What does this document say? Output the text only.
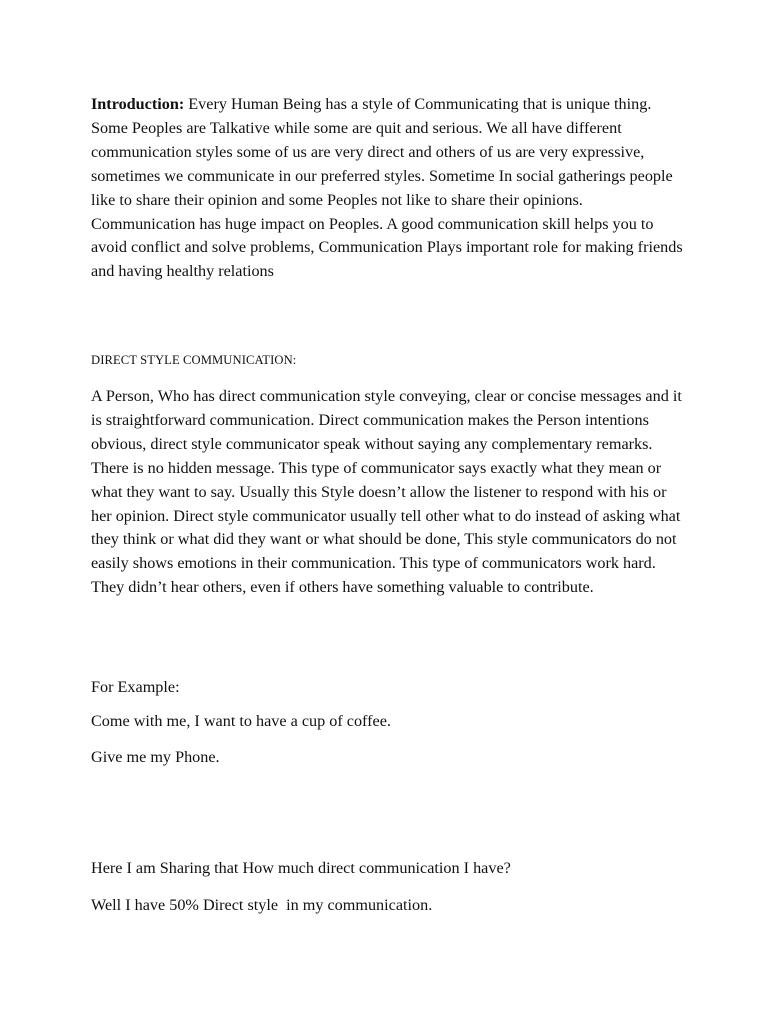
Introduction: Every Human Being has a style of Communicating that is unique thing. Some Peoples are Talkative while some are quit and serious. We all have different communication styles some of us are very direct and others of us are very expressive, sometimes we communicate in our preferred styles. Sometime In social gatherings people like to share their opinion and some Peoples not like to share their opinions. Communication has huge impact on Peoples. A good communication skill helps you to avoid conflict and solve problems, Communication Plays important role for making friends and having healthy relations

DIRECT STYLE COMMUNICATION:

A Person, Who has direct communication style conveying, clear or concise messages and it is straightforward communication. Direct communication makes the Person intentions obvious, direct style communicator speak without saying any complementary remarks. There is no hidden message. This type of communicator says exactly what they mean or what they want to say. Usually this Style doesn’t allow the listener to respond with his or her opinion. Direct style communicator usually tell other what to do instead of asking what they think or what did they want or what should be done, This style communicators do not easily shows emotions in their communication. This type of communicators work hard. They didn’t hear others, even if others have something valuable to contribute.

For Example:

Come with me, I want to have a cup of coffee.

Give me my Phone.

Here I am Sharing that How much direct communication I have?

Well I have 50% Direct style  in my communication.
